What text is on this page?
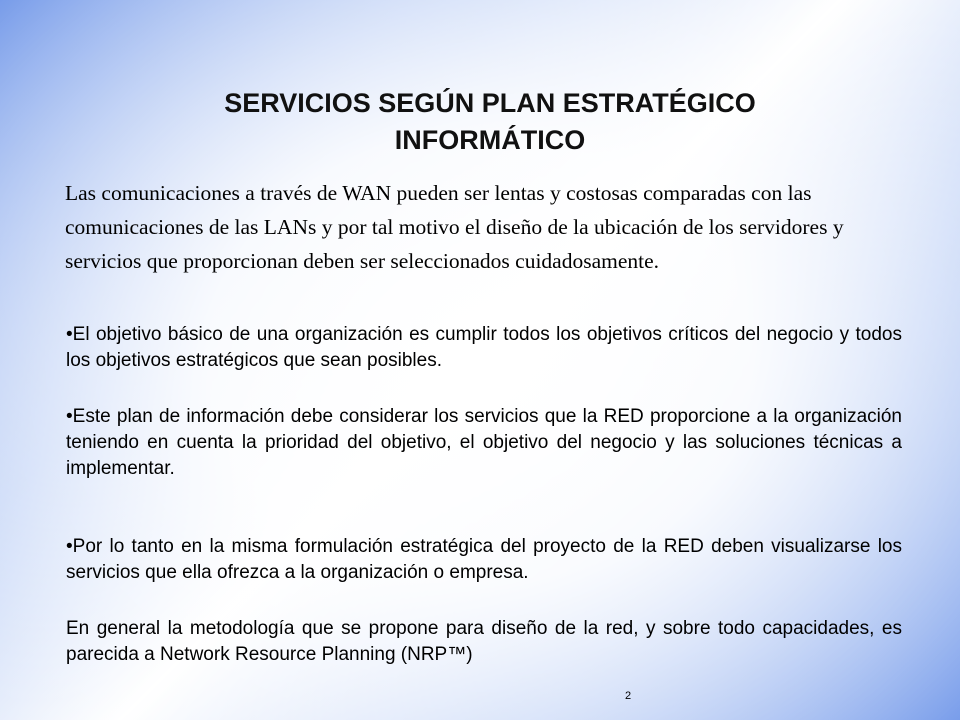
SERVICIOS SEGÚN PLAN ESTRATÉGICO
INFORMÁTICO
Las comunicaciones a través de WAN pueden ser lentas y costosas comparadas con las comunicaciones de las LANs y por tal motivo el diseño de la ubicación de los servidores y servicios que proporcionan deben ser seleccionados cuidadosamente.
•El objetivo básico de una organización es cumplir todos los objetivos críticos del negocio y todos los objetivos estratégicos que sean posibles.
•Este plan de información debe considerar los servicios que la RED proporcione a la organización teniendo en cuenta la prioridad del objetivo, el objetivo del negocio y las soluciones técnicas a implementar.
•Por lo tanto en la misma formulación estratégica del proyecto de la RED deben visualizarse los servicios que ella ofrezca a la organización o empresa.
En general la metodología que se propone para diseño de la red, y sobre todo capacidades, es parecida a Network Resource Planning (NRP™)
2
